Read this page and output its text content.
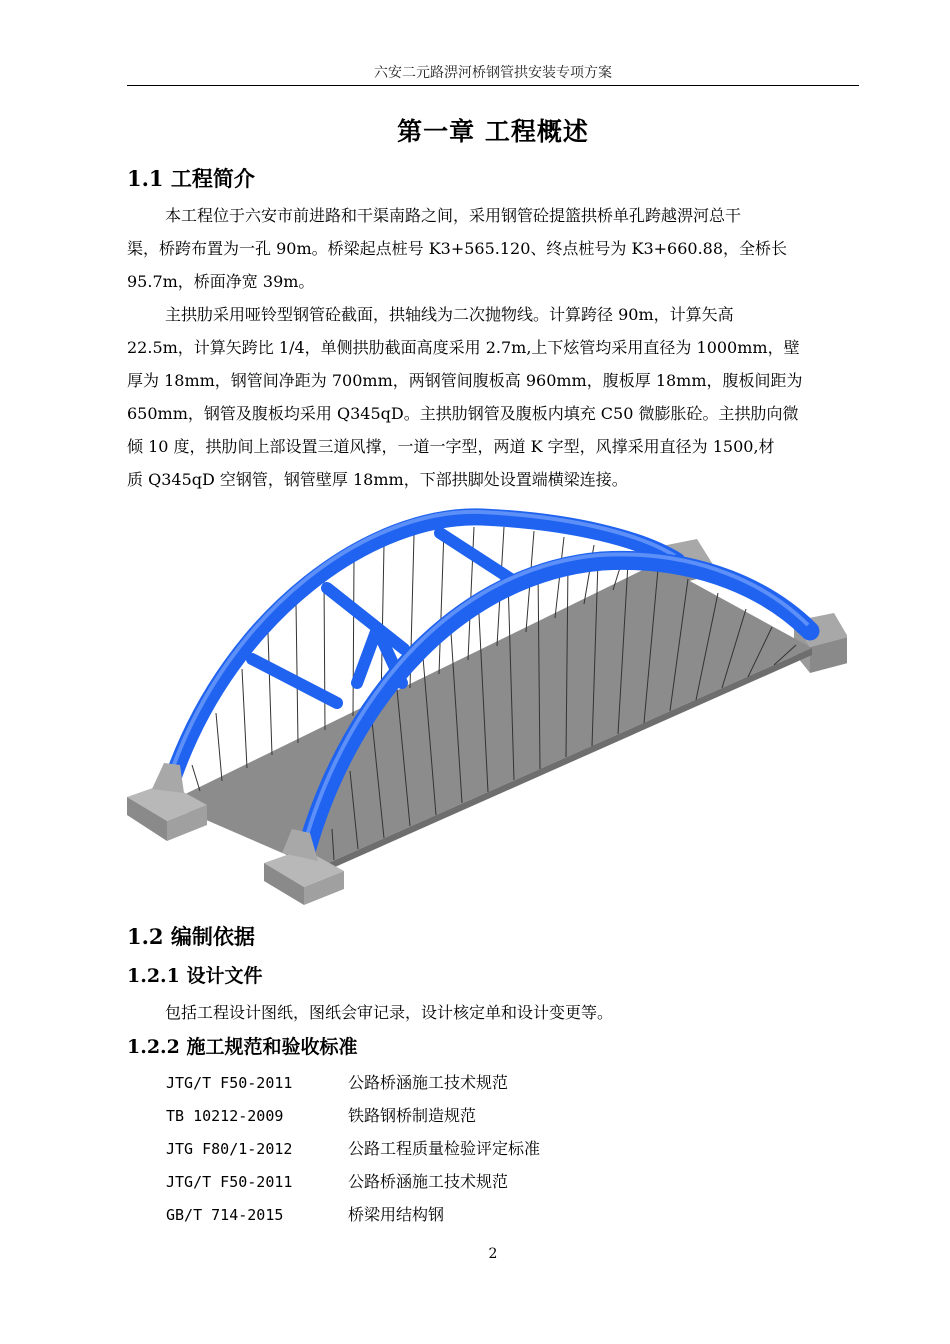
六安二元路淠河桥钢管拱安装专项方案
第一章 工程概述
1.1 工程简介
本工程位于六安市前进路和干渠南路之间，采用钢管砼提篮拱桥单孔跨越淠河总干
渠，桥跨布置为一孔 90m。桥梁起点桩号 K3+565.120、终点桩号为 K3+660.88，全桥长
95.7m，桥面净宽 39m。
主拱肋采用哑铃型钢管砼截面，拱轴线为二次抛物线。计算跨径 90m，计算矢高
22.5m，计算矢跨比 1/4，单侧拱肋截面高度采用 2.7m,上下炫管均采用直径为 1000mm，壁
厚为 18mm，钢管间净距为 700mm，两钢管间腹板高 960mm，腹板厚 18mm，腹板间距为
650mm，钢管及腹板均采用 Q345qD。主拱肋钢管及腹板内填充 C50 微膨胀砼。主拱肋向微
倾 10 度，拱肋间上部设置三道风撑，一道一字型，两道 K 字型，风撑采用直径为 1500,材
质 Q345qD 空钢管，钢管壁厚 18mm，下部拱脚处设置端横梁连接。
1.2 编制依据
1.2.1 设计文件
包括工程设计图纸，图纸会审记录，设计核定单和设计变更等。
1.2.2 施工规范和验收标准
JTG/T F50-2011	公路桥涵施工技术规范
TB 10212-2009	铁路钢桥制造规范
JTG F80/1-2012	公路工程质量检验评定标准
JTG/T F50-2011	公路桥涵施工技术规范
GB/T 714-2015	桥梁用结构钢
2
